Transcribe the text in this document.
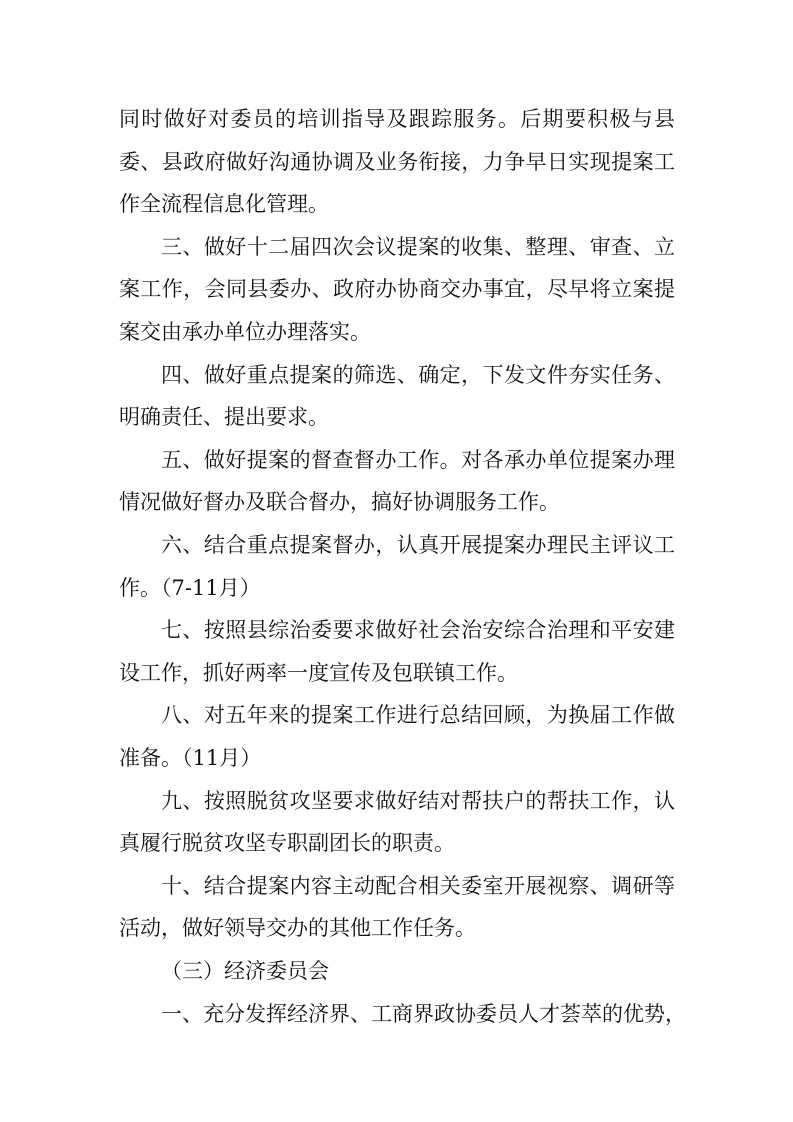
同时做好对委员的培训指导及跟踪服务。后期要积极与县
委、县政府做好沟通协调及业务衔接，力争早日实现提案工
作全流程信息化管理。
三、做好十二届四次会议提案的收集、整理、审查、立
案工作，会同县委办、政府办协商交办事宜，尽早将立案提
案交由承办单位办理落实。
四、做好重点提案的筛选、确定，下发文件夯实任务、
明确责任、提出要求。
五、做好提案的督查督办工作。对各承办单位提案办理
情况做好督办及联合督办，搞好协调服务工作。
六、结合重点提案督办，认真开展提案办理民主评议工
作。（7-11月）
七、按照县综治委要求做好社会治安综合治理和平安建
设工作，抓好两率一度宣传及包联镇工作。
八、对五年来的提案工作进行总结回顾，为换届工作做
准备。（11月）
九、按照脱贫攻坚要求做好结对帮扶户的帮扶工作，认
真履行脱贫攻坚专职副团长的职责。
十、结合提案内容主动配合相关委室开展视察、调研等
活动，做好领导交办的其他工作任务。
（三）经济委员会
一、充分发挥经济界、工商界政协委员人才荟萃的优势，
